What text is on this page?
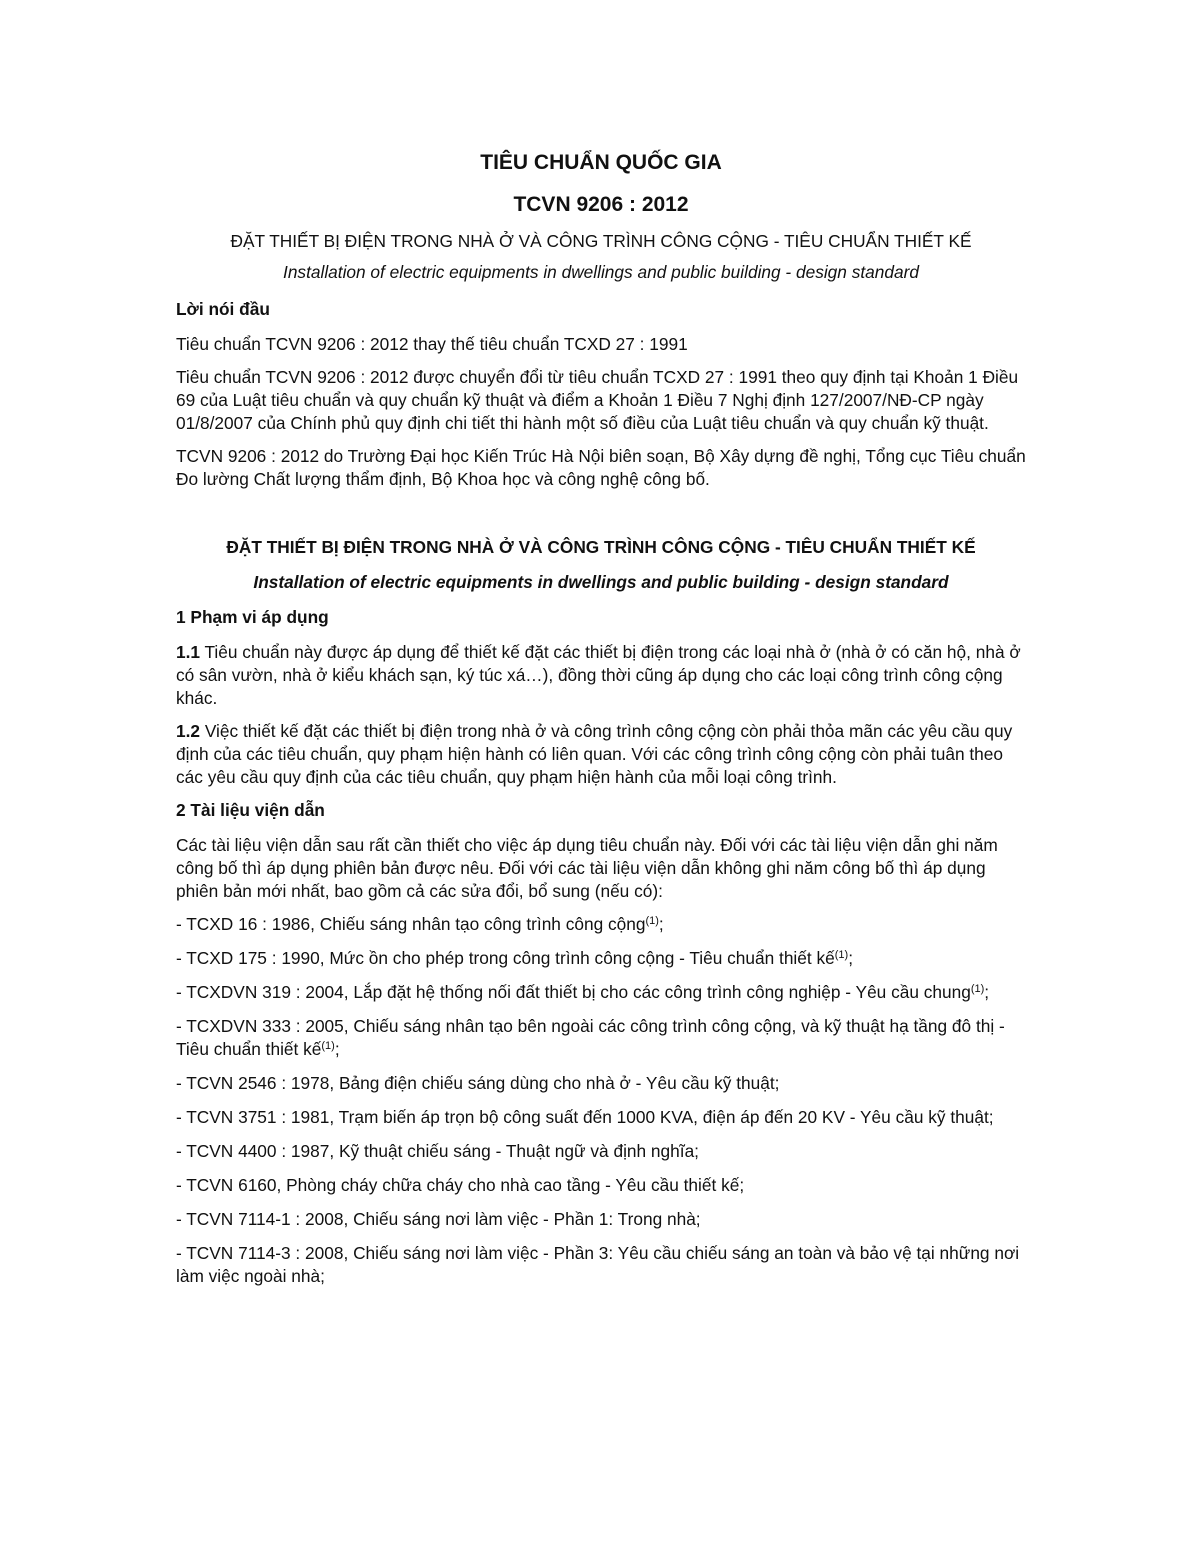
TIÊU CHUẨN QUỐC GIA
TCVN 9206 : 2012

ĐẶT THIẾT BỊ ĐIỆN TRONG NHÀ Ở VÀ CÔNG TRÌNH CÔNG CỘNG - TIÊU CHUẨN THIẾT KẾ

Installation of electric equipments in dwellings and public building - design standard

Lời nói đầu

Tiêu chuẩn TCVN 9206 : 2012 thay thế tiêu chuẩn TCXD 27 : 1991

Tiêu chuẩn TCVN 9206 : 2012 được chuyển đổi từ tiêu chuẩn TCXD 27 : 1991 theo quy định tại Khoản 1 Điều 69 của Luật tiêu chuẩn và quy chuẩn kỹ thuật và điểm a Khoản 1 Điều 7 Nghị định 127/2007/NĐ-CP ngày 01/8/2007 của Chính phủ quy định chi tiết thi hành một số điều của Luật tiêu chuẩn và quy chuẩn kỹ thuật.

TCVN 9206 : 2012 do Trường Đại học Kiến Trúc Hà Nội biên soạn, Bộ Xây dựng đề nghị, Tổng cục Tiêu chuẩn Đo lường Chất lượng thẩm định, Bộ Khoa học và công nghệ công bố.

ĐẶT THIẾT BỊ ĐIỆN TRONG NHÀ Ở VÀ CÔNG TRÌNH CÔNG CỘNG - TIÊU CHUẨN THIẾT KẾ

Installation of electric equipments in dwellings and public building - design standard

1 Phạm vi áp dụng

1.1 Tiêu chuẩn này được áp dụng để thiết kế đặt các thiết bị điện trong các loại nhà ở (nhà ở có căn hộ, nhà ở có sân vườn, nhà ở kiểu khách sạn, ký túc xá…), đồng thời cũng áp dụng cho các loại công trình công cộng khác.

1.2 Việc thiết kế đặt các thiết bị điện trong nhà ở và công trình công cộng còn phải thỏa mãn các yêu cầu quy định của các tiêu chuẩn, quy phạm hiện hành có liên quan. Với các công trình công cộng còn phải tuân theo các yêu cầu quy định của các tiêu chuẩn, quy phạm hiện hành của mỗi loại công trình.

2 Tài liệu viện dẫn

Các tài liệu viện dẫn sau rất cần thiết cho việc áp dụng tiêu chuẩn này. Đối với các tài liệu viện dẫn ghi năm công bố thì áp dụng phiên bản được nêu. Đối với các tài liệu viện dẫn không ghi năm công bố thì áp dụng phiên bản mới nhất, bao gồm cả các sửa đổi, bổ sung (nếu có):

- TCXD 16 : 1986, Chiếu sáng nhân tạo công trình công cộng$^{(1)}$;

- TCXD 175 : 1990, Mức ồn cho phép trong công trình công cộng - Tiêu chuẩn thiết kế$^{(1)}$;

- TCXDVN 319 : 2004, Lắp đặt hệ thống nối đất thiết bị cho các công trình công nghiệp - Yêu cầu chung$^{(1)}$;

- TCXDVN 333 : 2005, Chiếu sáng nhân tạo bên ngoài các công trình công cộng, và kỹ thuật hạ tầng đô thị - Tiêu chuẩn thiết kế$^{(1)}$;

- TCVN 2546 : 1978, Bảng điện chiếu sáng dùng cho nhà ở - Yêu cầu kỹ thuật;

- TCVN 3751 : 1981, Trạm biến áp trọn bộ công suất đến 1000 KVA, điện áp đến 20 KV - Yêu cầu kỹ thuật;

- TCVN 4400 : 1987, Kỹ thuật chiếu sáng - Thuật ngữ và định nghĩa;

- TCVN 6160, Phòng cháy chữa cháy cho nhà cao tầng - Yêu cầu thiết kế;

- TCVN 7114-1 : 2008, Chiếu sáng nơi làm việc - Phần 1: Trong nhà;

- TCVN 7114-3 : 2008, Chiếu sáng nơi làm việc - Phần 3: Yêu cầu chiếu sáng an toàn và bảo vệ tại những nơi làm việc ngoài nhà;
